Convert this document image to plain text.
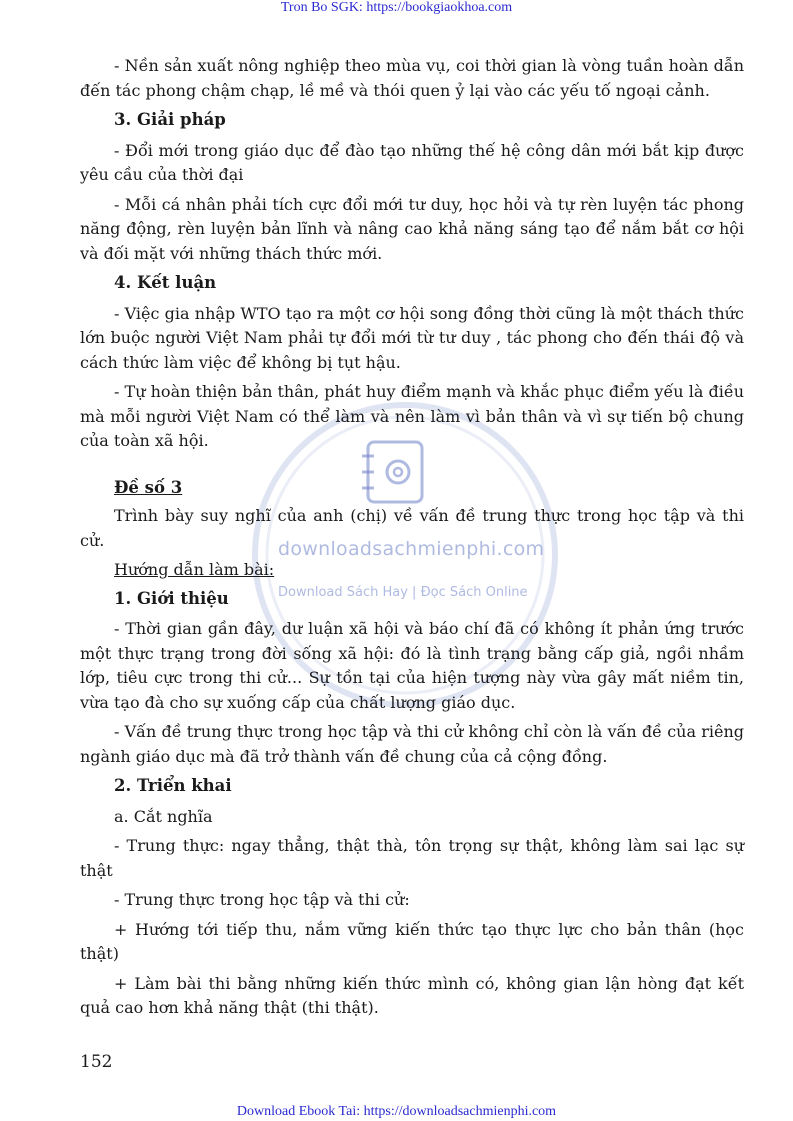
Tron Bo SGK: https://bookgiaokhoa.com
downloadsachmienphi.com
Download Sách Hay | Đọc Sách Online

- Nền sản xuất nông nghiệp theo mùa vụ, coi thời gian là vòng tuần hoàn dẫn đến tác phong chậm chạp, lề mề và thói quen ỷ lại vào các yếu tố ngoại cảnh.

3. Giải pháp

- Đổi mới trong giáo dục để đào tạo những thế hệ công dân mới bắt kịp được yêu cầu của thời đại

- Mỗi cá nhân phải tích cực đổi mới tư duy, học hỏi và tự rèn luyện tác phong năng động, rèn luyện bản lĩnh và nâng cao khả năng sáng tạo để nắm bắt cơ hội và đối mặt với những thách thức mới.

4. Kết luận

- Việc gia nhập WTO tạo ra một cơ hội song đồng thời cũng là một thách thức lớn buộc người Việt Nam phải tự đổi mới từ tư duy , tác phong cho đến thái độ và cách thức làm việc để không bị tụt hậu.

- Tự hoàn thiện bản thân, phát huy điểm mạnh và khắc phục điểm yếu là điều mà mỗi người Việt Nam có thể làm và nên làm vì bản thân và vì sự tiến bộ chung của toàn xã hội.

Đề số 3

Trình bày suy nghĩ của anh (chị) về vấn đề trung thực trong học tập và thi cử.

Hướng dẫn làm bài:

1. Giới thiệu

- Thời gian gần đây, dư luận xã hội và báo chí đã có không ít phản ứng trước một thực trạng trong đời sống xã hội: đó là tình trạng bằng cấp giả, ngồi nhầm lớp, tiêu cực trong thi cử... Sự tồn tại của hiện tượng này vừa gây mất niềm tin, vừa tạo đà cho sự xuống cấp của chất lượng giáo dục.

- Vấn đề trung thực trong học tập và thi cử không chỉ còn là vấn đề của riêng ngành giáo dục mà đã trở thành vấn đề chung của cả cộng đồng.

2. Triển khai

a. Cắt nghĩa

- Trung thực: ngay thẳng, thật thà, tôn trọng sự thật, không làm sai lạc sự thật

- Trung thực trong học tập và thi cử:

+ Hướng tới tiếp thu, nắm vững kiến thức tạo thực lực cho bản thân (học thật)

+ Làm bài thi bằng những kiến thức mình có, không gian lận hòng đạt kết quả cao hơn khả năng thật (thi thật).

152
Download Ebook Tai: https://downloadsachmienphi.com
